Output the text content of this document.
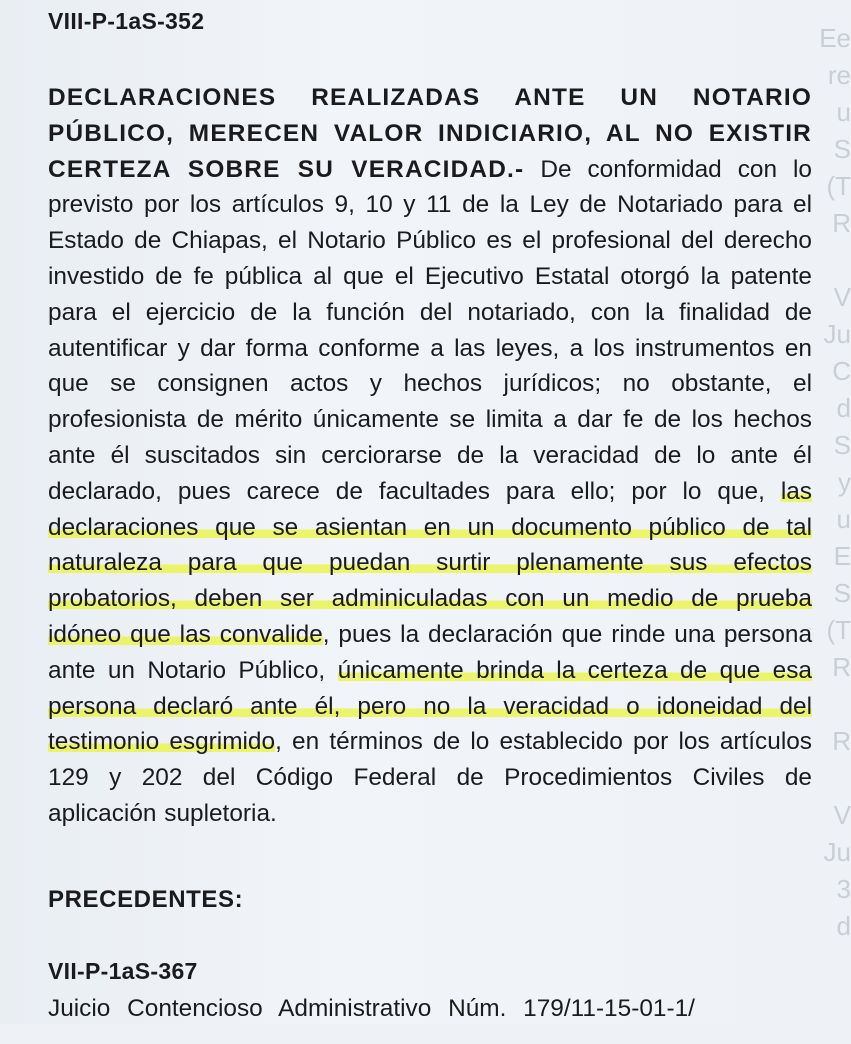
Ee
re
u
S
(T
R

V
Ju
C
d
S
y
u
E
S
(T
R

R

V
Ju
3
d
VIII-P-1aS-352
DECLARACIONES REALIZADAS ANTE UN NOTARIO PÚBLICO, MERECEN VALOR INDICIARIO, AL NO EXISTIR CERTEZA SOBRE SU VERACIDAD.- De conformidad con lo previsto por los artículos 9, 10 y 11 de la Ley de Notariado para el Estado de Chiapas, el Notario Público es el profesional del derecho investido de fe pública al que el Ejecutivo Estatal otorgó la patente para el ejercicio de la función del notariado, con la finalidad de autentificar y dar forma conforme a las leyes, a los instrumentos en que se consignen actos y hechos jurídicos; no obstante, el profesionista de mérito únicamente se limita a dar fe de los hechos ante él suscitados sin cerciorarse de la veracidad de lo ante él declarado, pues carece de facultades para ello; por lo que, las declaraciones que se asientan en un documento público de tal naturaleza para que puedan surtir plenamente sus efectos probatorios, deben ser adminiculadas con un medio de prueba idóneo que las convalide, pues la declaración que rinde una persona ante un Notario Público, únicamente brinda la certeza de que esa persona declaró ante él, pero no la veracidad o idoneidad del testimonio esgrimido, en términos de lo establecido por los artículos 129 y 202 del Código Federal de Procedimientos Civiles de aplicación supletoria.
PRECEDENTES:
VII-P-1aS-367
Juicio Contencioso Administrativo Núm. 179/11-15-01-1/
